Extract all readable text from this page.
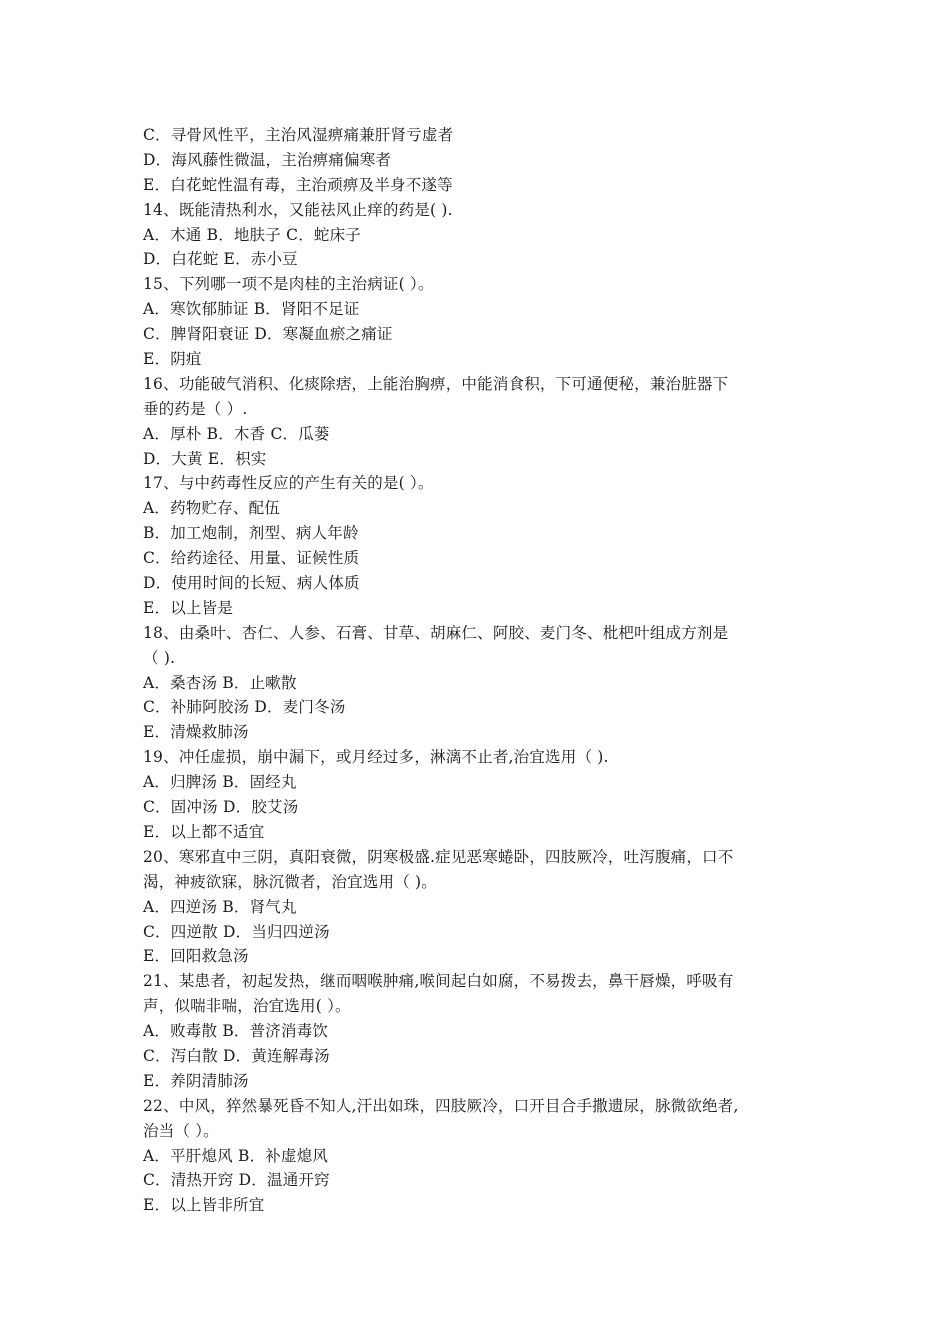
C．寻骨风性平，主治风湿痹痛兼肝肾亏虚者
D．海风藤性微温，主治痹痛偏寒者
E．白花蛇性温有毒，主治顽痹及半身不遂等
14、既能清热利水，又能祛风止痒的药是( ).
A．木通 B．地肤子 C．蛇床子
D．白花蛇 E．赤小豆
15、下列哪一项不是肉桂的主治病证( ）。
A．寒饮郁肺证 B．肾阳不足证
C．脾肾阳衰证 D．寒凝血瘀之痛证
E．阴疽
16、功能破气消积、化痰除痞，上能治胸痹，中能消食积，下可通便秘，兼治脏器下
垂的药是（ ）.
A．厚朴 B．木香 C．瓜蒌
D．大黄 E．枳实
17、与中药毒性反应的产生有关的是( ）。
A．药物贮存、配伍
B．加工炮制，剂型、病人年龄
C．给药途径、用量、证候性质
D．使用时间的长短、病人体质
E．以上皆是
18、由桑叶、杏仁、人参、石膏、甘草、胡麻仁、阿胶、麦门冬、枇杷叶组成方剂是
（ ).
A．桑杏汤 B．止嗽散
C．补肺阿胶汤 D．麦门冬汤
E．清燥救肺汤
19、冲任虚损，崩中漏下，或月经过多，淋漓不止者,治宜选用（ ).
A．归脾汤 B．固经丸
C．固冲汤 D．胶艾汤
E．以上都不适宜
20、寒邪直中三阴，真阳衰微，阴寒极盛.症见恶寒蜷卧，四肢厥冷，吐泻腹痛，口不
渴，神疲欲寐，脉沉微者，治宜选用（ )。
A．四逆汤 B．肾气丸
C．四逆散 D．当归四逆汤
E．回阳救急汤
21、某患者，初起发热，继而咽喉肿痛,喉间起白如腐，不易拨去，鼻干唇燥，呼吸有
声，似喘非喘，治宜选用( ）。
A．败毒散 B．普济消毒饮
C．泻白散 D．黄连解毒汤
E．养阴清肺汤
22、中风，猝然暴死昏不知人,汗出如珠，四肢厥冷，口开目合手撒遗尿，脉微欲绝者,
治当（ ）。
A．平肝熄风 B．补虚熄风
C．清热开窍 D．温通开窍
E．以上皆非所宜
